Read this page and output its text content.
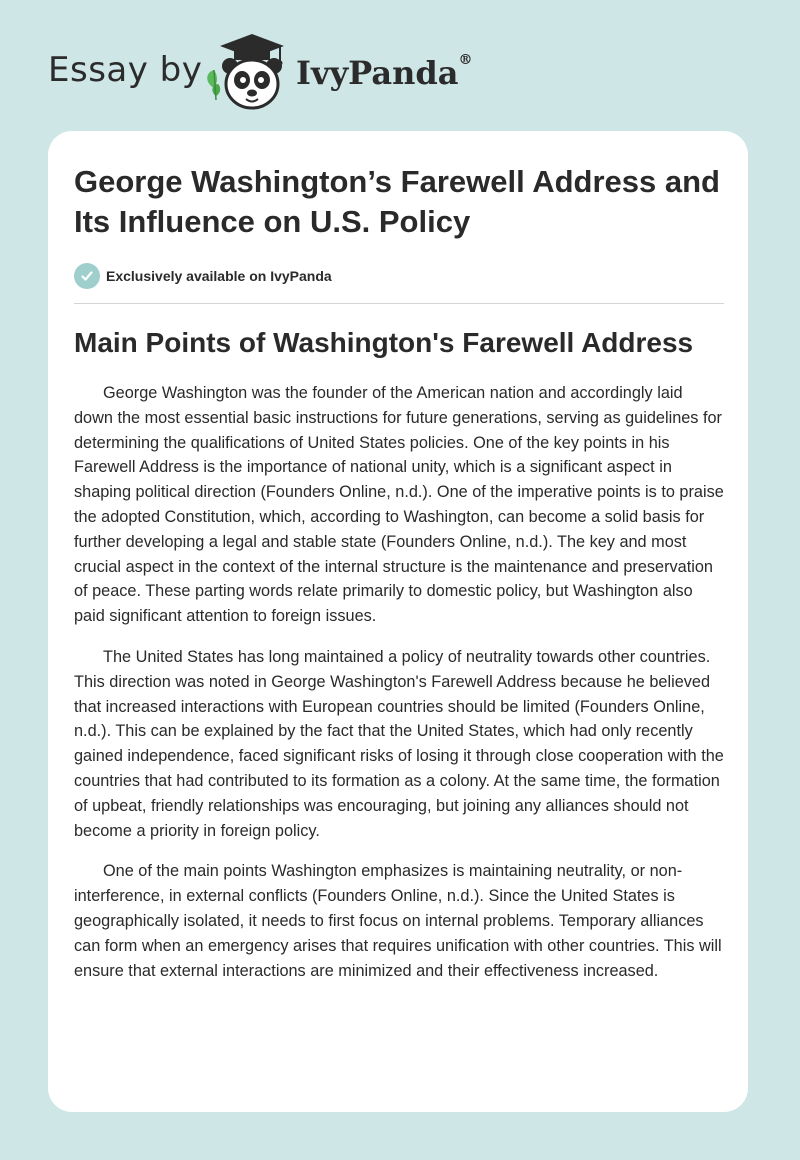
Essay by	IvyPanda®
George Washington’s Farewell Address and Its Influence on U.S. Policy
Exclusively available on IvyPanda
Main Points of Washington's Farewell Address

George Washington was the founder of the American nation and accordingly laid down the most essential basic instructions for future generations, serving as guidelines for determining the qualifications of United States policies. One of the key points in his Farewell Address is the importance of national unity, which is a significant aspect in shaping political direction (Founders Online, n.d.). One of the imperative points is to praise the adopted Constitution, which, according to Washington, can become a solid basis for further developing a legal and stable state (Founders Online, n.d.). The key and most crucial aspect in the context of the internal structure is the maintenance and preservation of peace. These parting words relate primarily to domestic policy, but Washington also paid significant attention to foreign issues.

The United States has long maintained a policy of neutrality towards other countries. This direction was noted in George Washington's Farewell Address because he believed that increased interactions with European countries should be limited (Founders Online, n.d.). This can be explained by the fact that the United States, which had only recently gained independence, faced significant risks of losing it through close cooperation with the countries that had contributed to its formation as a colony. At the same time, the formation of upbeat, friendly relationships was encouraging, but joining any alliances should not become a priority in foreign policy.

One of the main points Washington emphasizes is maintaining neutrality, or non-interference, in external conflicts (Founders Online, n.d.). Since the United States is geographically isolated, it needs to first focus on internal problems. Temporary alliances can form when an emergency arises that requires unification with other countries. This will ensure that external interactions are minimized and their effectiveness increased.
